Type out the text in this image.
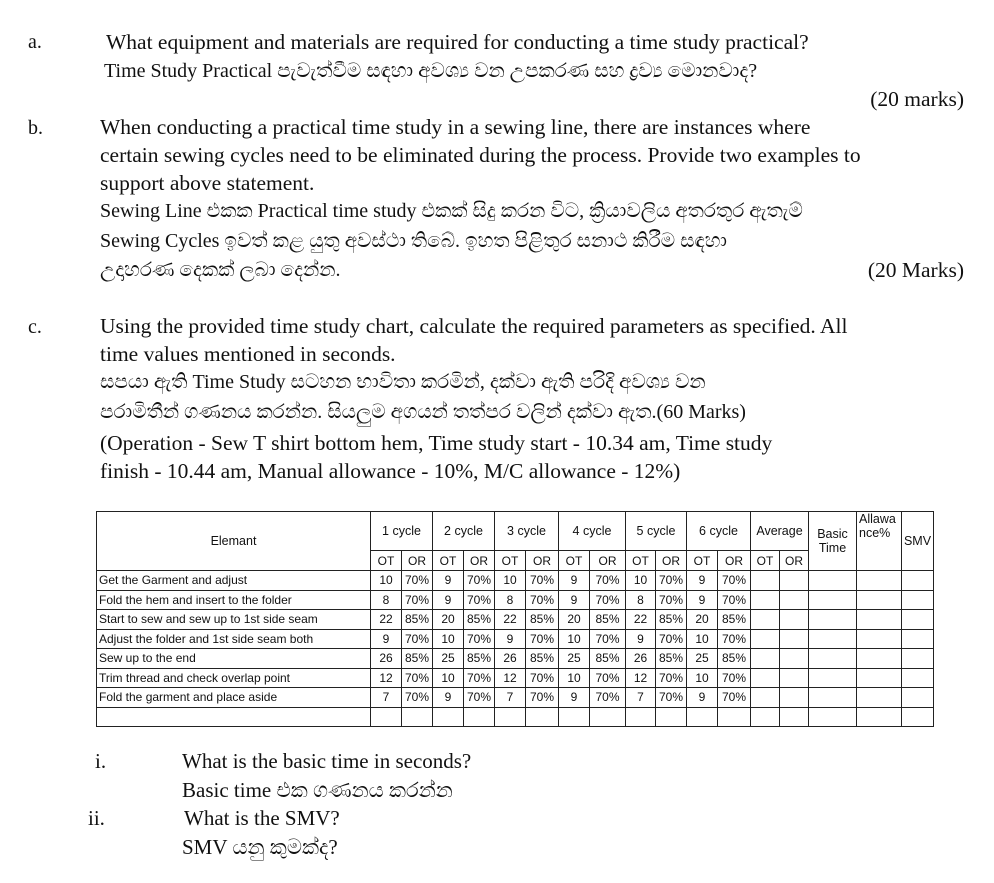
a.	What equipment and materials are required for conducting a time study practical?
Time Study Practical පැවැත්වීම සඳහා අවශ්‍ය වන උපකරණ සහ ද්‍රව්‍ය මොනවාද?
(20 marks)
b.	When conducting a practical time study in a sewing line, there are instances where
certain sewing cycles need to be eliminated during the process. Provide two examples to
support above statement.
Sewing Line එකක Practical time study එකක් සිදු කරන විට, ක්‍රියාවලිය අතරතුර ඇතැම්
Sewing Cycles ඉවත් කළ යුතු අවස්ථා තිබේ. ඉහත පිළිතුර සනාථ කිරීම සඳහා
උදාහරණ දෙකක් ලබා දෙන්න.	(20 Marks)
c.	Using the provided time study chart, calculate the required parameters as specified. All
time values mentioned in seconds.
සපයා ඇති Time Study සටහන භාවිතා කරමින්, දක්වා ඇති පරිදි අවශ්‍ය වන
පරාමිතීන් ගණනය කරන්න. සියලුම අගයන් තත්පර වලින් දක්වා ඇත.(60 Marks)
(Operation - Sew T shirt bottom hem, Time study start - 10.34 am, Time study
finish - 10.44 am, Manual allowance - 10%, M/C allowance - 12%)
Elemant	1 cycle		2 cycle		3 cycle		4 cycle		5 cycle		6 cycle		Average		Basic Time	Allawa nce%	SMV
	OT	OR	OT	OR	OT	OR	OT	OR	OT	OR	OT	OR	OT	OR			
Get the Garment and adjust	10	70%	9	70%	10	70%	9	70%	10	70%	9	70%					
Fold the hem and insert to the folder	8	70%	9	70%	8	70%	9	70%	8	70%	9	70%					
Start to sew and sew up to 1st side seam	22	85%	20	85%	22	85%	20	85%	22	85%	20	85%					
Adjust the folder and 1st side seam both	9	70%	10	70%	9	70%	10	70%	9	70%	10	70%					
Sew up to the end	26	85%	25	85%	26	85%	25	85%	26	85%	25	85%					
Trim thread and check overlap point	12	70%	10	70%	12	70%	10	70%	12	70%	10	70%					
Fold the garment and place aside	7	70%	9	70%	7	70%	9	70%	7	70%	9	70%					

i.	What is the basic time in seconds?
Basic time එක ගණනය කරන්න
ii.	What is the SMV?
SMV යනු කුමක්ද?
